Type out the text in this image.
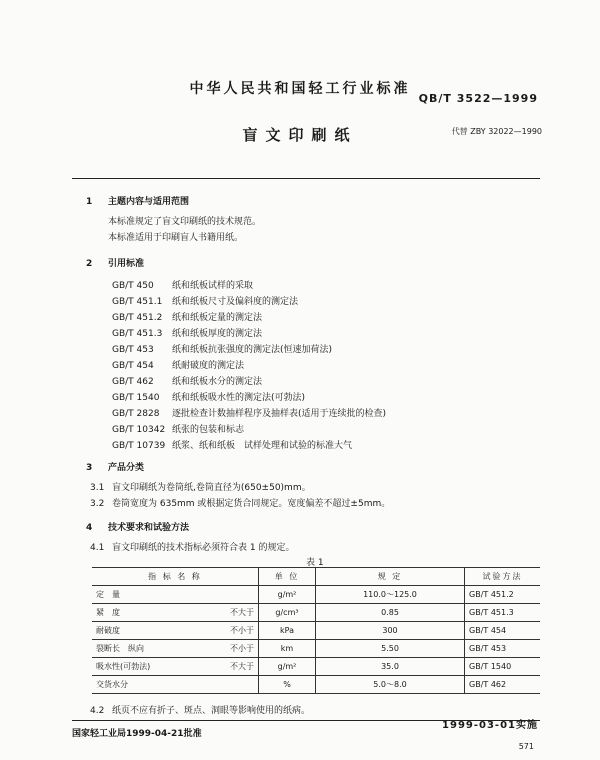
中华人民共和国轻工行业标准
QB/T 3522—1999
盲文印刷纸	代替 ZBY 32022—1990
1 主题内容与适用范围
本标准规定了盲文印刷纸的技术规范。
本标准适用于印刷盲人书籍用纸。
2 引用标准
GB/T 450 纸和纸板试样的采取
GB/T 451.1 纸和纸板尺寸及偏斜度的测定法
GB/T 451.2 纸和纸板定量的测定法
GB/T 451.3 纸和纸板厚度的测定法
GB/T 453 纸和纸板抗张强度的测定法(恒速加荷法)
GB/T 454 纸耐破度的测定法
GB/T 462 纸和纸板水分的测定法
GB/T 1540 纸和纸板吸水性的测定法(可勃法)
GB/T 2828 逐批检查计数抽样程序及抽样表(适用于连续批的检查)
GB/T 10342 纸张的包装和标志
GB/T 10739 纸浆、纸和纸板　试样处理和试验的标准大气
3 产品分类
3.1 盲文印刷纸为卷筒纸,卷筒直径为(650±50)mm。
3.2 卷筒宽度为 635mm 或根据定货合同规定。宽度偏差不超过±5mm。
4 技术要求和试验方法
4.1 盲文印刷纸的技术指标必须符合表 1 的规定。
表 1
指 标 名 称		单 位	规 定	试验方法
定　量		g/m²	110.0～125.0	GB/T 451.2
紧　度	不大于	g/cm³	0.85	GB/T 451.3
耐破度	不小于	kPa	300	GB/T 454
裂断长　纵向	不小于	km	5.50	GB/T 453
吸水性(可勃法)	不大于	g/m²	35.0	GB/T 1540
交货水分		%	5.0～8.0	GB/T 462
4.2 纸页不应有折子、斑点、洞眼等影响使用的纸病。
国家轻工业局1999-04-21批准
1999-03-01实施
571
